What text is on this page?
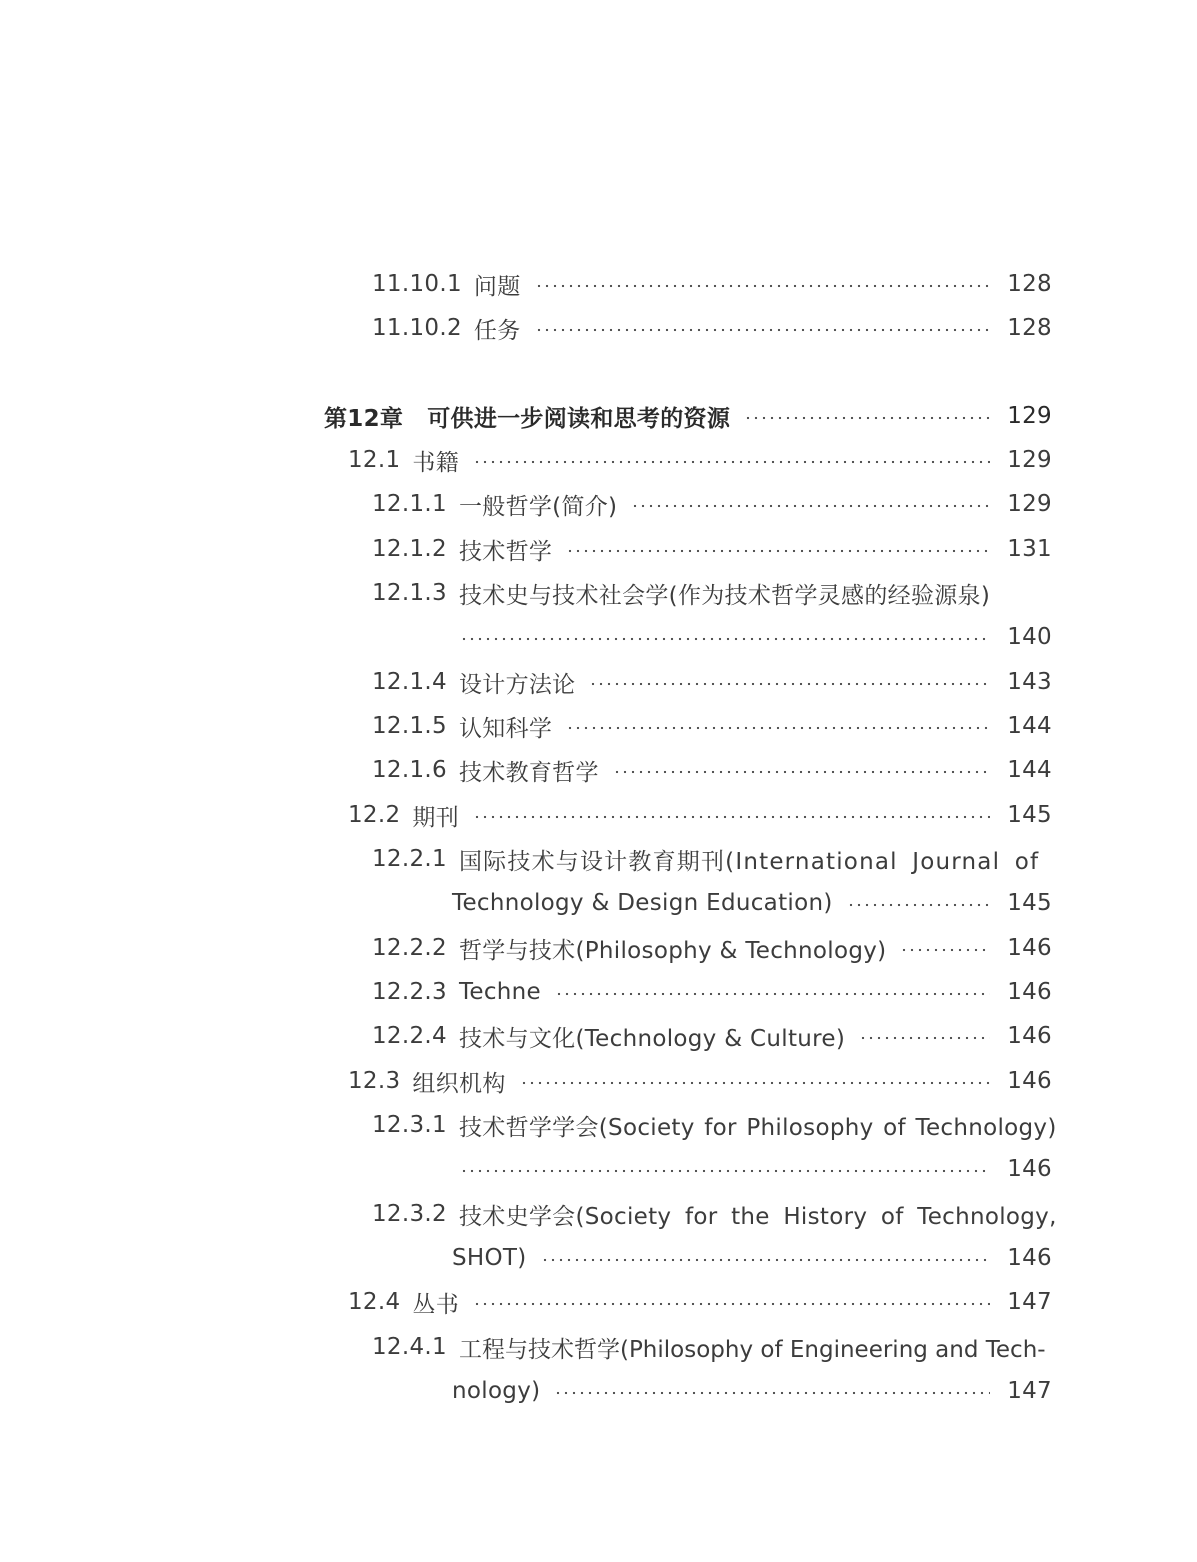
11.10.1 问题	128
11.10.2 任务	128
第12章 可供进一步阅读和思考的资源	129
12.1 书籍	129
12.1.1 一般哲学(简介)	129
12.1.2 技术哲学	131
12.1.3 技术史与技术社会学(作为技术哲学灵感的经验源泉)
140
12.1.4 设计方法论	143
12.1.5 认知科学	144
12.1.6 技术教育哲学	144
12.2 期刊	145
12.2.1 国际技术与设计教育期刊(International Journal of
Technology & Design Education)	145
12.2.2 哲学与技术(Philosophy & Technology)	146
12.2.3 Techne	146
12.2.4 技术与文化(Technology & Culture)	146
12.3 组织机构	146
12.3.1 技术哲学学会(Society for Philosophy of Technology)
146
12.3.2 技术史学会(Society for the History of Technology,
SHOT)	146
12.4 丛书	147
12.4.1 工程与技术哲学(Philosophy of Engineering and Tech-
nology)	147
